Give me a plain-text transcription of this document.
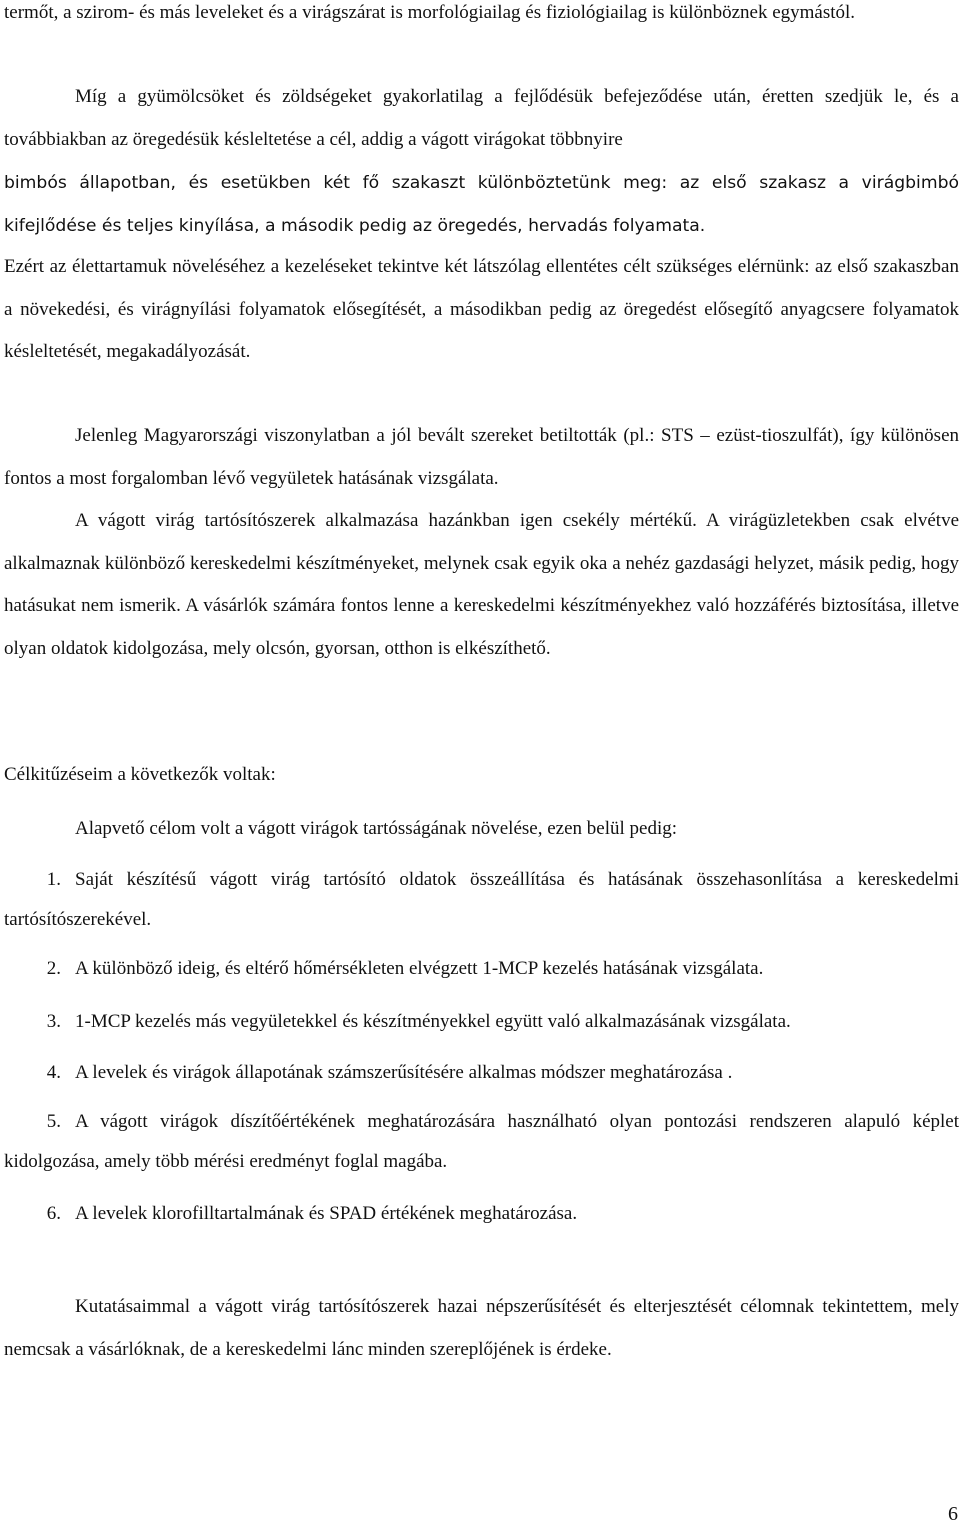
termőt, a szirom- és más leveleket és a virágszárat is morfológiailag és fiziológiailag is különböznek egymástól.

Míg a gyümölcsöket és zöldségeket gyakorlatilag a fejlődésük befejeződése után, éretten szedjük le, és a továbbiakban az öregedésük késleltetése a cél, addig a vágott virágokat többnyire

bimbós állapotban, és esetükben két fő szakaszt különböztetünk meg: az első szakasz a virágbimbó kifejlődése és teljes kinyílása, a második pedig az öregedés, hervadás folyamata.

Ezért az élettartamuk növeléséhez a kezeléseket tekintve két látszólag ellentétes célt szükséges elérnünk: az első szakaszban a növekedési, és virágnyílási folyamatok elősegítését, a másodikban pedig az öregedést elősegítő anyagcsere folyamatok késleltetését, megakadályozását.

Jelenleg Magyarországi viszonylatban a jól bevált szereket betiltották (pl.: STS – ezüst-tioszulfát), így különösen fontos a most forgalomban lévő vegyületek hatásának vizsgálata.

A vágott virág tartósítószerek alkalmazása hazánkban igen csekély mértékű. A virágüzletekben csak elvétve alkalmaznak különböző kereskedelmi készítményeket, melynek csak egyik oka a nehéz gazdasági helyzet, másik pedig, hogy hatásukat nem ismerik. A vásárlók számára fontos lenne a kereskedelmi készítményekhez való hozzáférés biztosítása, illetve olyan oldatok kidolgozása, mely olcsón, gyorsan, otthon is elkészíthető.

Célkitűzéseim a következők voltak:

Alapvető célom volt a vágott virágok tartósságának növelése, ezen belül pedig:

1. Saját készítésű vágott virág tartósító oldatok összeállítása és hatásának összehasonlítása a kereskedelmi tartósítószerekével.

2. A különböző ideig, és eltérő hőmérsékleten elvégzett 1-MCP kezelés hatásának vizsgálata.

3. 1-MCP kezelés más vegyületekkel és készítményekkel együtt való alkalmazásának vizsgálata.

4. A levelek és virágok állapotának számszerűsítésére alkalmas módszer meghatározása .

5. A vágott virágok díszítőértékének meghatározására használható olyan pontozási rendszeren alapuló képlet kidolgozása, amely több mérési eredményt foglal magába.

6. A levelek klorofilltartalmának és SPAD értékének meghatározása.

Kutatásaimmal a vágott virág tartósítószerek hazai népszerűsítését és elterjesztését célomnak tekintettem, mely nemcsak a vásárlóknak, de a kereskedelmi lánc minden szereplőjének is érdeke.

6
